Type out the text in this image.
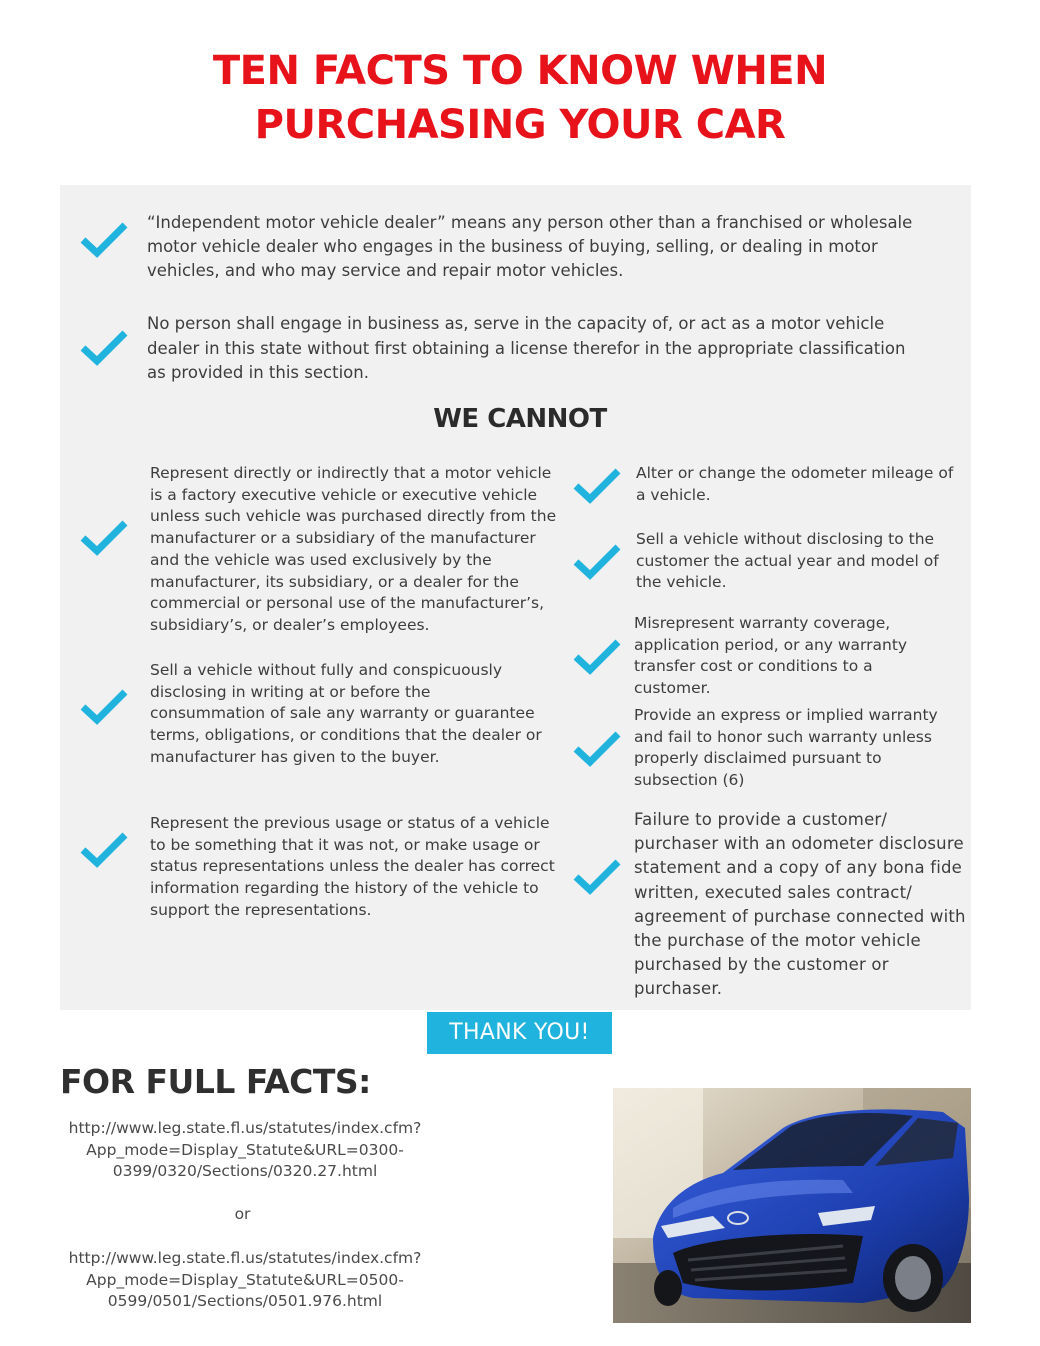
TEN FACTS TO KNOW WHEN
PURCHASING YOUR CAR
“Independent motor vehicle dealer” means any person other than a franchised or wholesale motor vehicle dealer who engages in the business of buying, selling, or dealing in motor vehicles, and who may service and repair motor vehicles.
No person shall engage in business as, serve in the capacity of, or act as a motor vehicle dealer in this state without first obtaining a license therefor in the appropriate classification as provided in this section.
WE CANNOT
Represent directly or indirectly that a motor vehicle is a factory executive vehicle or executive vehicle unless such vehicle was purchased directly from the manufacturer or a subsidiary of the manufacturer and the vehicle was used exclusively by the manufacturer, its subsidiary, or a dealer for the commercial or personal use of the manufacturer’s, subsidiary’s, or dealer’s employees.
Sell a vehicle without fully and conspicuously disclosing in writing at or before the consummation of sale any warranty or guarantee terms, obligations, or conditions that the dealer or manufacturer has given to the buyer.
Represent the previous usage or status of a vehicle to be something that it was not, or make usage or status representations unless the dealer has correct information regarding the history of the vehicle to support the representations.
Alter or change the odometer mileage of a vehicle.
Sell a vehicle without disclosing to the customer the actual year and model of the vehicle.
Misrepresent warranty coverage, application period, or any warranty transfer cost or conditions to a customer.
Provide an express or implied warranty and fail to honor such warranty unless properly disclaimed pursuant to subsection (6)
Failure to provide a customer/ purchaser with an odometer disclosure statement and a copy of any bona fide written, executed sales contract/ agreement of purchase connected with the purchase of the motor vehicle purchased by the customer or purchaser.
THANK YOU!
FOR FULL FACTS:
http://www.leg.state.fl.us/statutes/index.cfm?
App_mode=Display_Statute&URL=0300-
0399/0320/Sections/0320.27.html
or
http://www.leg.state.fl.us/statutes/index.cfm?
App_mode=Display_Statute&URL=0500-
0599/0501/Sections/0501.976.html
